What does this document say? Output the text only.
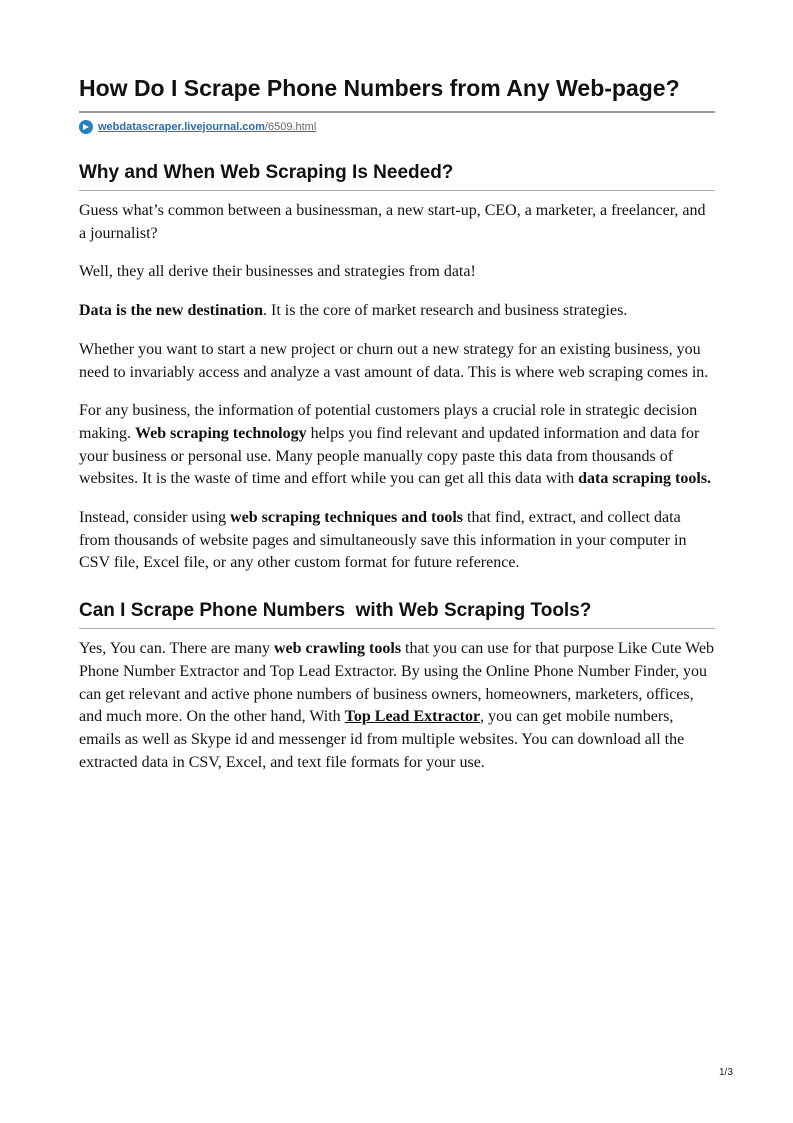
How Do I Scrape Phone Numbers from Any Web-page?
webdatascraper.livejournal.com/6509.html
Why and When Web Scraping Is Needed?

Guess what’s common between a businessman, a new start-up, CEO, a marketer, a freelancer, and a journalist?

Well, they all derive their businesses and strategies from data!

Data is the new destination. It is the core of market research and business strategies.

Whether you want to start a new project or churn out a new strategy for an existing business, you need to invariably access and analyze a vast amount of data. This is where web scraping comes in.

For any business, the information of potential customers plays a crucial role in strategic decision making. Web scraping technology helps you find relevant and updated information and data for your business or personal use. Many people manually copy paste this data from thousands of websites. It is the waste of time and effort while you can get all this data with data scraping tools.

Instead, consider using web scraping techniques and tools that find, extract, and collect data from thousands of website pages and simultaneously save this information in your computer in CSV file, Excel file, or any other custom format for future reference.

Can I Scrape Phone Numbers  with Web Scraping Tools?

Yes, You can. There are many web crawling tools that you can use for that purpose Like Cute Web Phone Number Extractor and Top Lead Extractor. By using the Online Phone Number Finder, you can get relevant and active phone numbers of business owners, homeowners, marketers, offices, and much more. On the other hand, With Top Lead Extractor, you can get mobile numbers, emails as well as Skype id and messenger id from multiple websites. You can download all the extracted data in CSV, Excel, and text file formats for your use.

1/3
